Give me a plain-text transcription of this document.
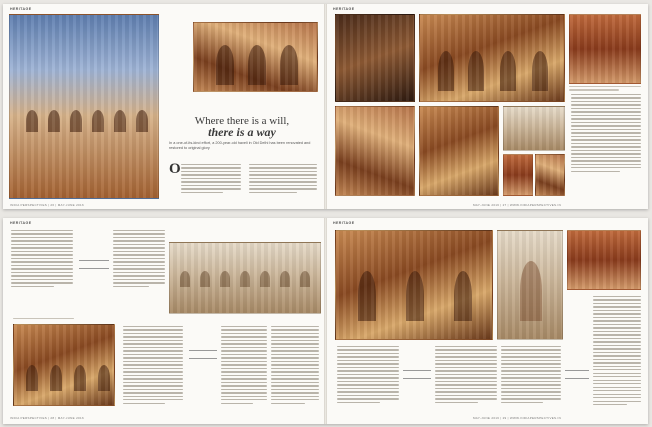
HERITAGE	HERITAGE
Where there is a will,
there is a way
In a one-of-its-kind effort, a 200-year-old haveli in Old Delhi has been renovated and restored to original glory
O
INDIA PERSPECTIVES | 26 | MAY-JUNE 2016	MAY-JUNE 2016 | 27 | WWW.INDIAPERSPECTIVES.IN
HERITAGE	HERITAGE
INDIA PERSPECTIVES | 28 | MAY-JUNE 2016	MAY-JUNE 2016 | 29 | WWW.INDIAPERSPECTIVES.IN
